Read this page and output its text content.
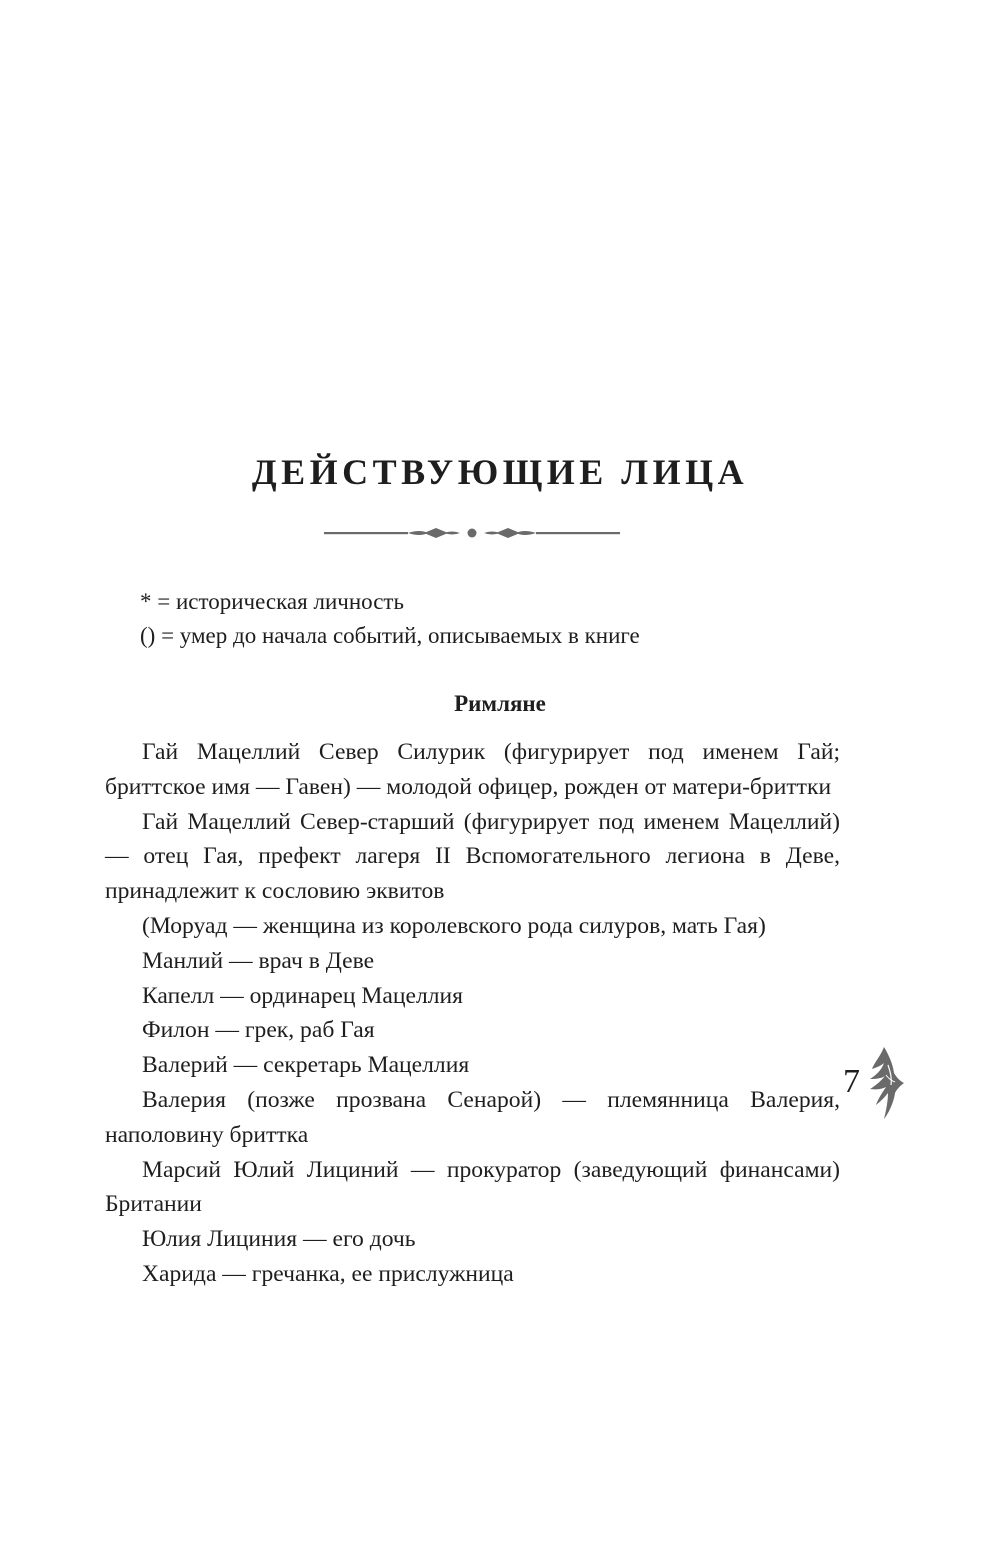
ДЕЙСТВУЮЩИЕ ЛИЦА
* = историческая личность
() = умер до начала событий, описываемых в книге
Римляне
Гай Мацеллий Север Силурик (фигурирует под именем Гай; бриттское имя — Гавен) — молодой офицер, рожден от матери-бриттки
Гай Мацеллий Север-старший (фигурирует под именем Мацеллий) — отец Гая, префект лагеря II Вспомогательного легиона в Деве, принадлежит к сословию эквитов
(Моруад — женщина из королевского рода силуров, мать Гая)
Манлий — врач в Деве
Капелл — ординарец Мацеллия
Филон — грек, раб Гая
Валерий — секретарь Мацеллия
Валерия (позже прозвана Сенарой) — племянница Валерия, наполовину бриттка
Марсий Юлий Лициний — прокуратор (заведующий финансами) Британии
Юлия Лициния — его дочь
Харида — гречанка, ее прислужница
7
